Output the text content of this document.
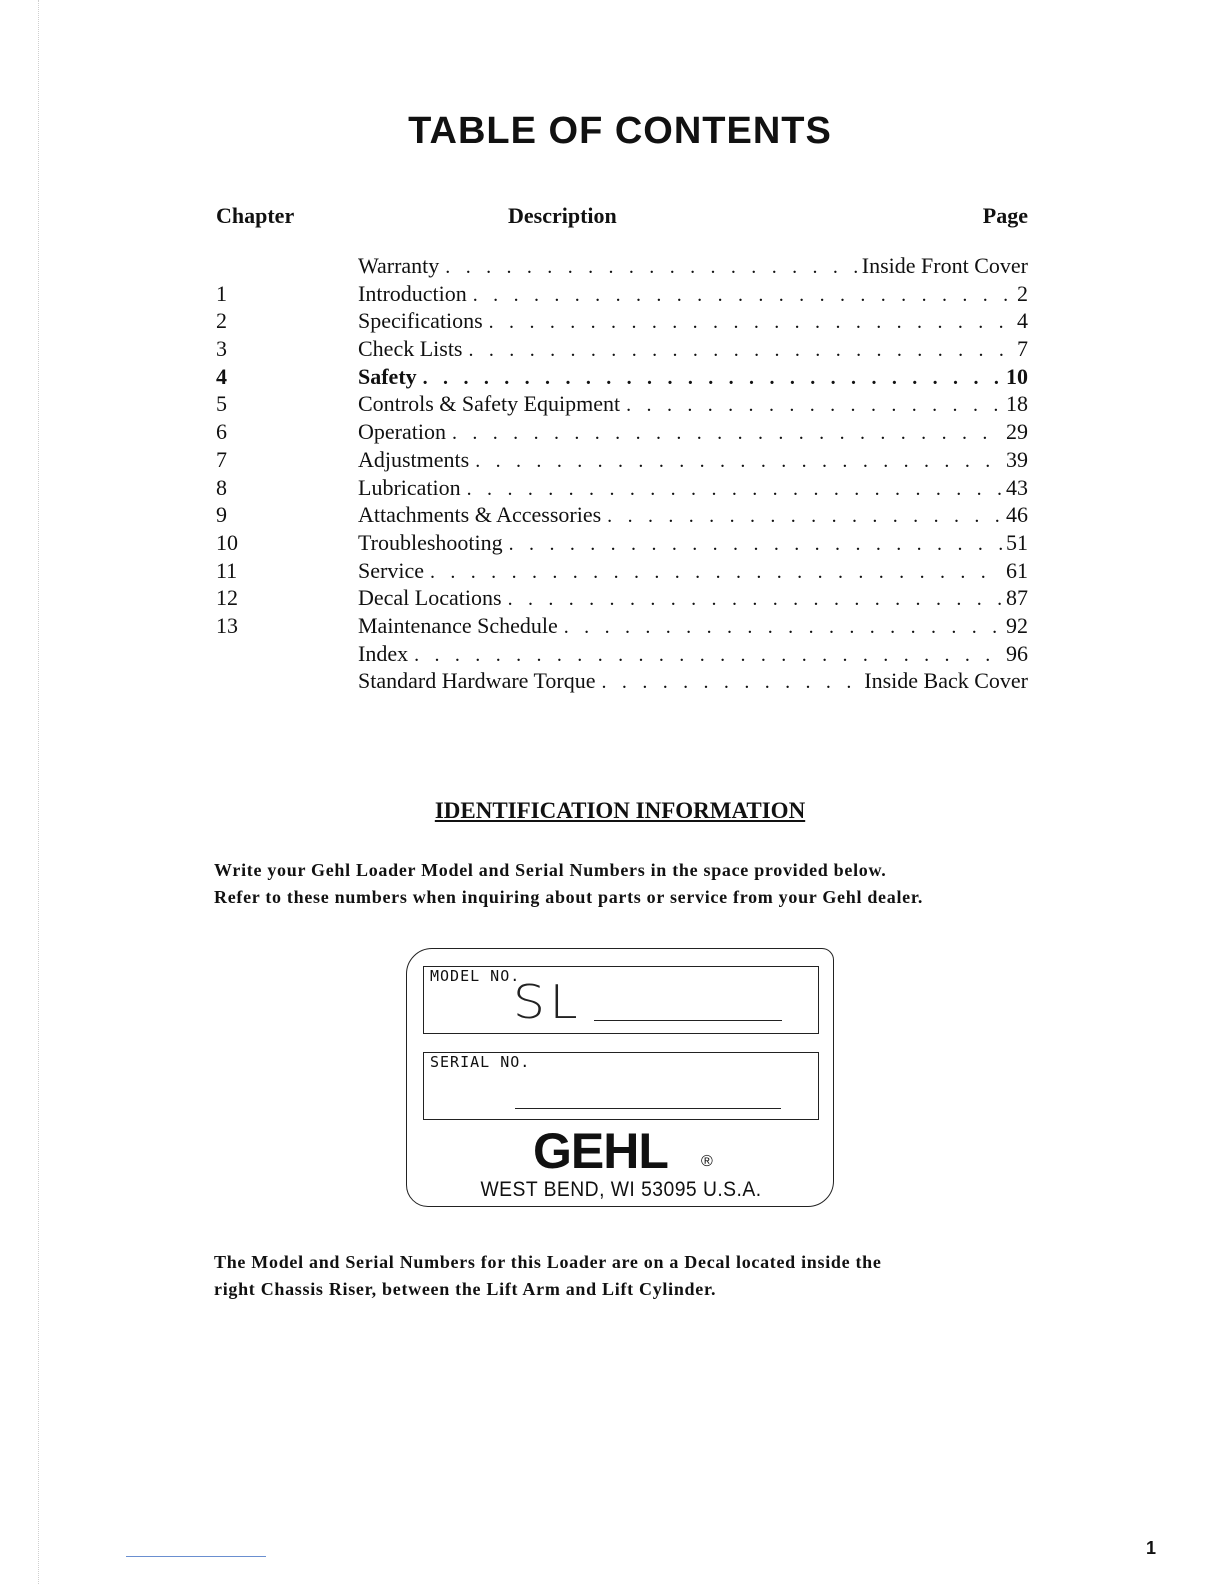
TABLE OF CONTENTS
Chapter	Description	Page
Warranty . . .	Inside Front Cover
1	Introduction . . .	2
2	Specifications . . .	4
3	Check Lists . . .	7
4	Safety . . .	10
5	Controls & Safety Equipment . . .	18
6	Operation . . .	29
7	Adjustments . . .	39
8	Lubrication . . .	43
9	Attachments & Accessories . . .	46
10	Troubleshooting . . .	51
11	Service . . .	61
12	Decal Locations . . .	87
13	Maintenance Schedule . . .	92
Index . . .	96
Standard Hardware Torque . . .	Inside Back Cover
IDENTIFICATION INFORMATION

Write your Gehl Loader Model and Serial Numbers in the space provided below.
Refer to these numbers when inquiring about parts or service from your Gehl dealer.

MODEL NO.
SL
SERIAL NO.
GEHL ®
WEST BEND, WI 53095 U.S.A.

The Model and Serial Numbers for this Loader are on a Decal located inside the
right Chassis Riser, between the Lift Arm and Lift Cylinder.

1
